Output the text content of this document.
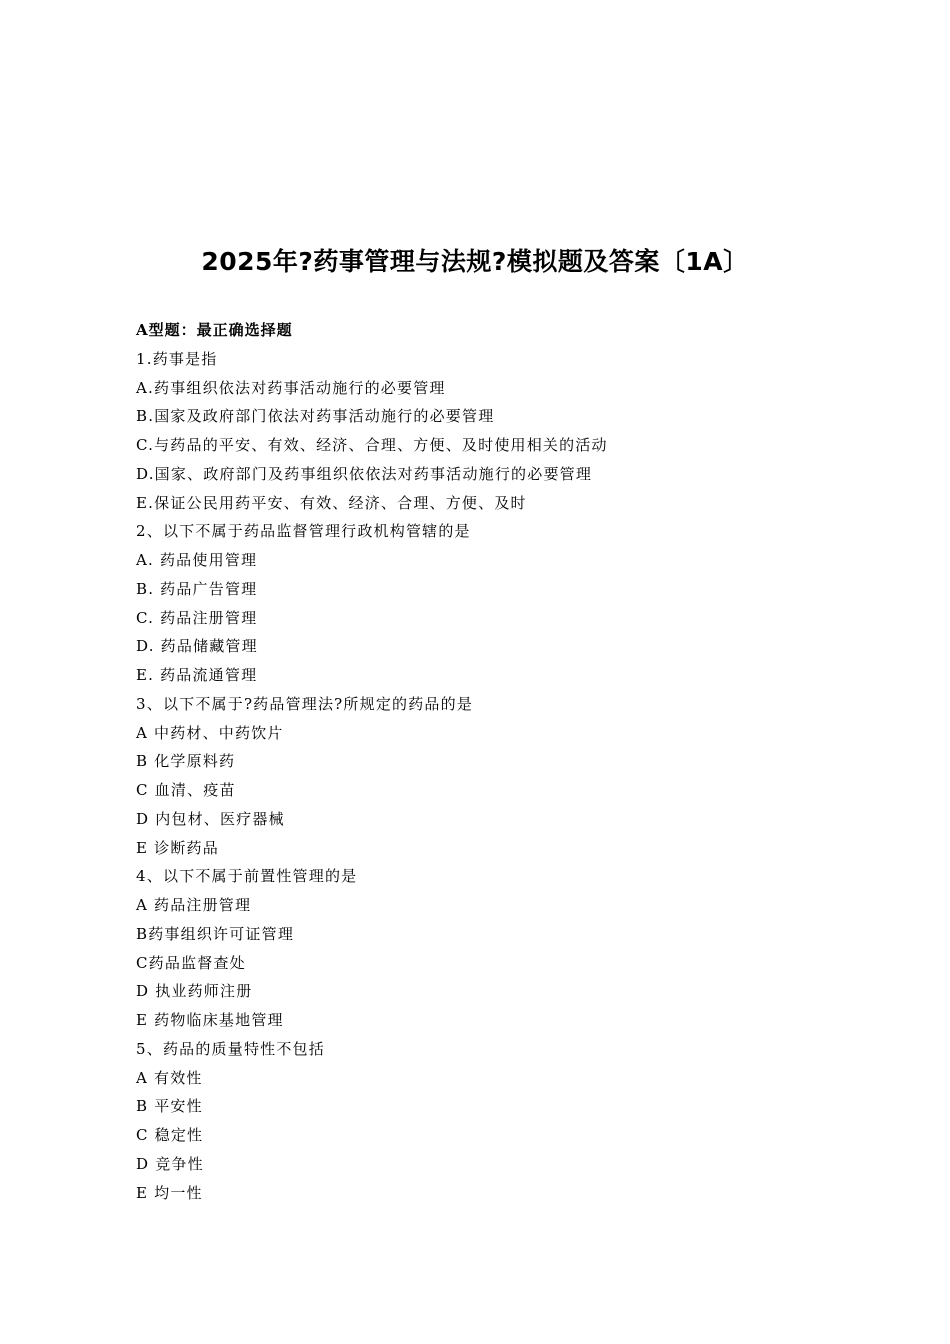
2025年?药事管理与法规?模拟题及答案〔1A〕
A型题：最正确选择题
1.药事是指
A.药事组织依法对药事活动施行的必要管理
B.国家及政府部门依法对药事活动施行的必要管理
C.与药品的平安、有效、经济、合理、方便、及时使用相关的活动
D.国家、政府部门及药事组织依依法对药事活动施行的必要管理
E.保证公民用药平安、有效、经济、合理、方便、及时
2、以下不属于药品监督管理行政机构管辖的是
A. 药品使用管理
B. 药品广告管理
C. 药品注册管理
D. 药品储藏管理
E. 药品流通管理
3、以下不属于?药品管理法?所规定的药品的是
A 中药材、中药饮片
B 化学原料药
C 血清、疫苗
D 内包材、医疗器械
E 诊断药品
4、以下不属于前置性管理的是
A 药品注册管理
B药事组织许可证管理
C药品监督查处
D 执业药师注册
E 药物临床基地管理
5、药品的质量特性不包括
A 有效性
B 平安性
C 稳定性
D 竞争性
E 均一性
